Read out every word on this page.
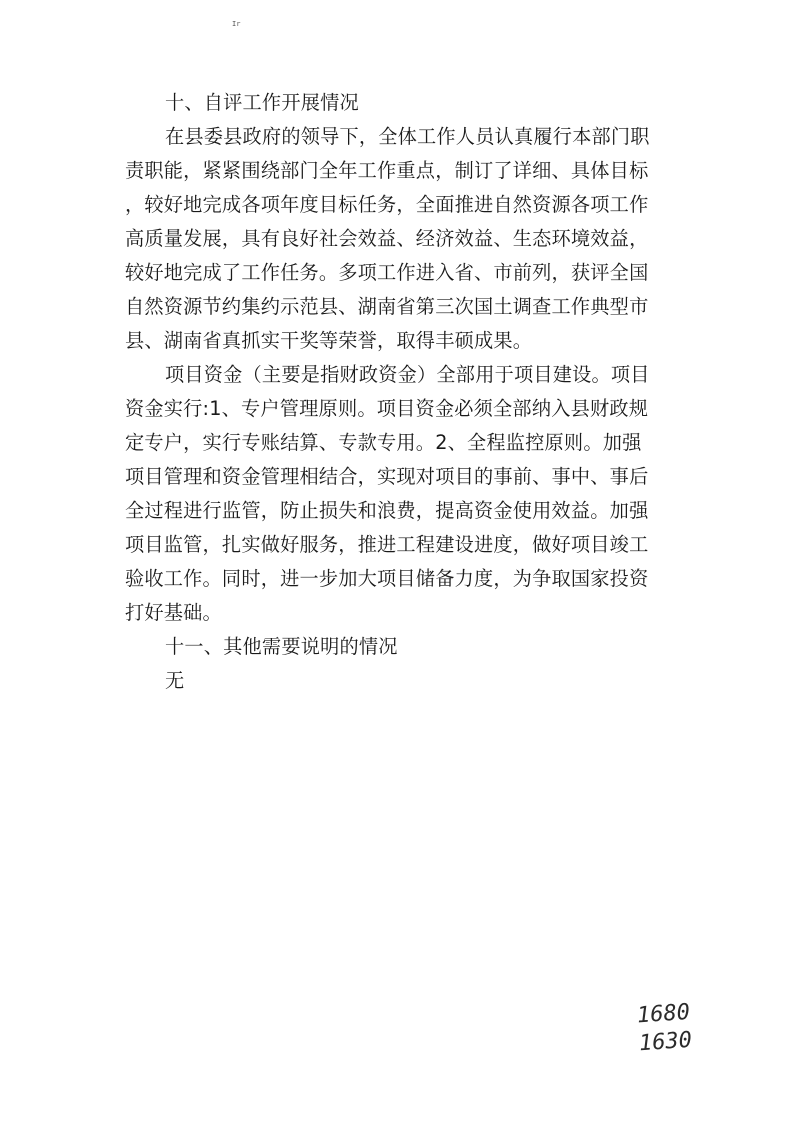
Ir

十、自评工作开展情况

在县委县政府的领导下，全体工作人员认真履行本部门职

责职能，紧紧围绕部门全年工作重点，制订了详细、具体目标

，较好地完成各项年度目标任务，全面推进自然资源各项工作

高质量发展，具有良好社会效益、经济效益、生态环境效益，

较好地完成了工作任务。多项工作进入省、市前列，获评全国

自然资源节约集约示范县、湖南省第三次国土调查工作典型市

县、湖南省真抓实干奖等荣誉，取得丰硕成果。

项目资金（主要是指财政资金）全部用于项目建设。项目

资金实行:1、专户管理原则。项目资金必须全部纳入县财政规

定专户，实行专账结算、专款专用。2、全程监控原则。加强

项目管理和资金管理相结合，实现对项目的事前、事中、事后

全过程进行监管，防止损失和浪费，提高资金使用效益。加强

项目监管，扎实做好服务，推进工程建设进度，做好项目竣工

验收工作。同时，进一步加大项目储备力度，为争取国家投资

打好基础。

十一、其他需要说明的情况

无

1680
1630
